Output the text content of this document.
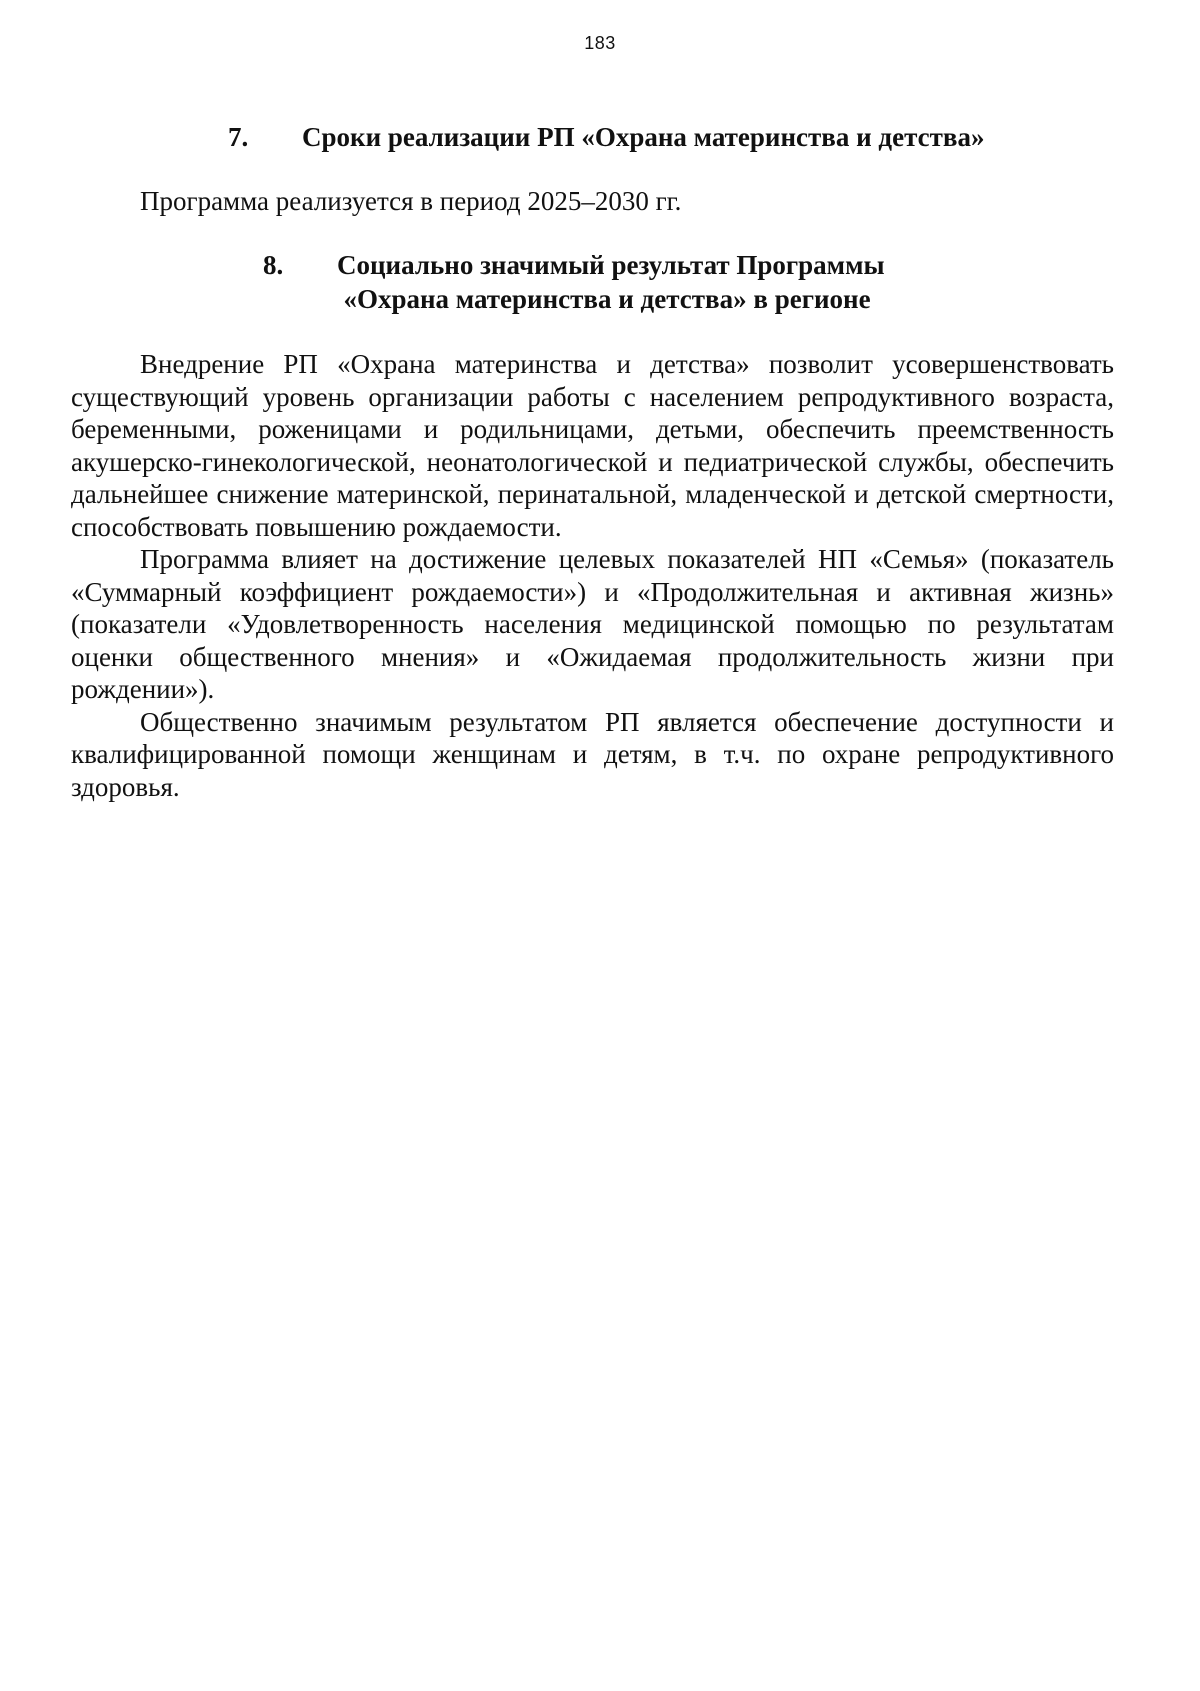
183
7. Сроки реализации РП «Охрана материнства и детства»
Программа реализуется в период 2025–2030 гг.
8. Социально значимый результат Программы
«Охрана материнства и детства» в регионе

Внедрение РП «Охрана материнства и детства» позволит усовершенствовать существующий уровень организации работы с населением репродуктивного возраста, беременными, роженицами и родильницами, детьми, обеспечить преемственность акушерско-гинекологической, неонатологической и педиатрической службы, обеспечить дальнейшее снижение материнской, перинатальной, младенческой и детской смертности, способствовать повышению рождаемости.

Программа влияет на достижение целевых показателей НП «Семья» (показатель «Суммарный коэффициент рождаемости») и «Продолжительная и активная жизнь» (показатели «Удовлетворенность населения медицинской помощью по результатам оценки общественного мнения» и «Ожидаемая продолжительность жизни при рождении»).

Общественно значимым результатом РП является обеспечение доступности и квалифицированной помощи женщинам и детям, в т.ч. по охране репродуктивного здоровья.
